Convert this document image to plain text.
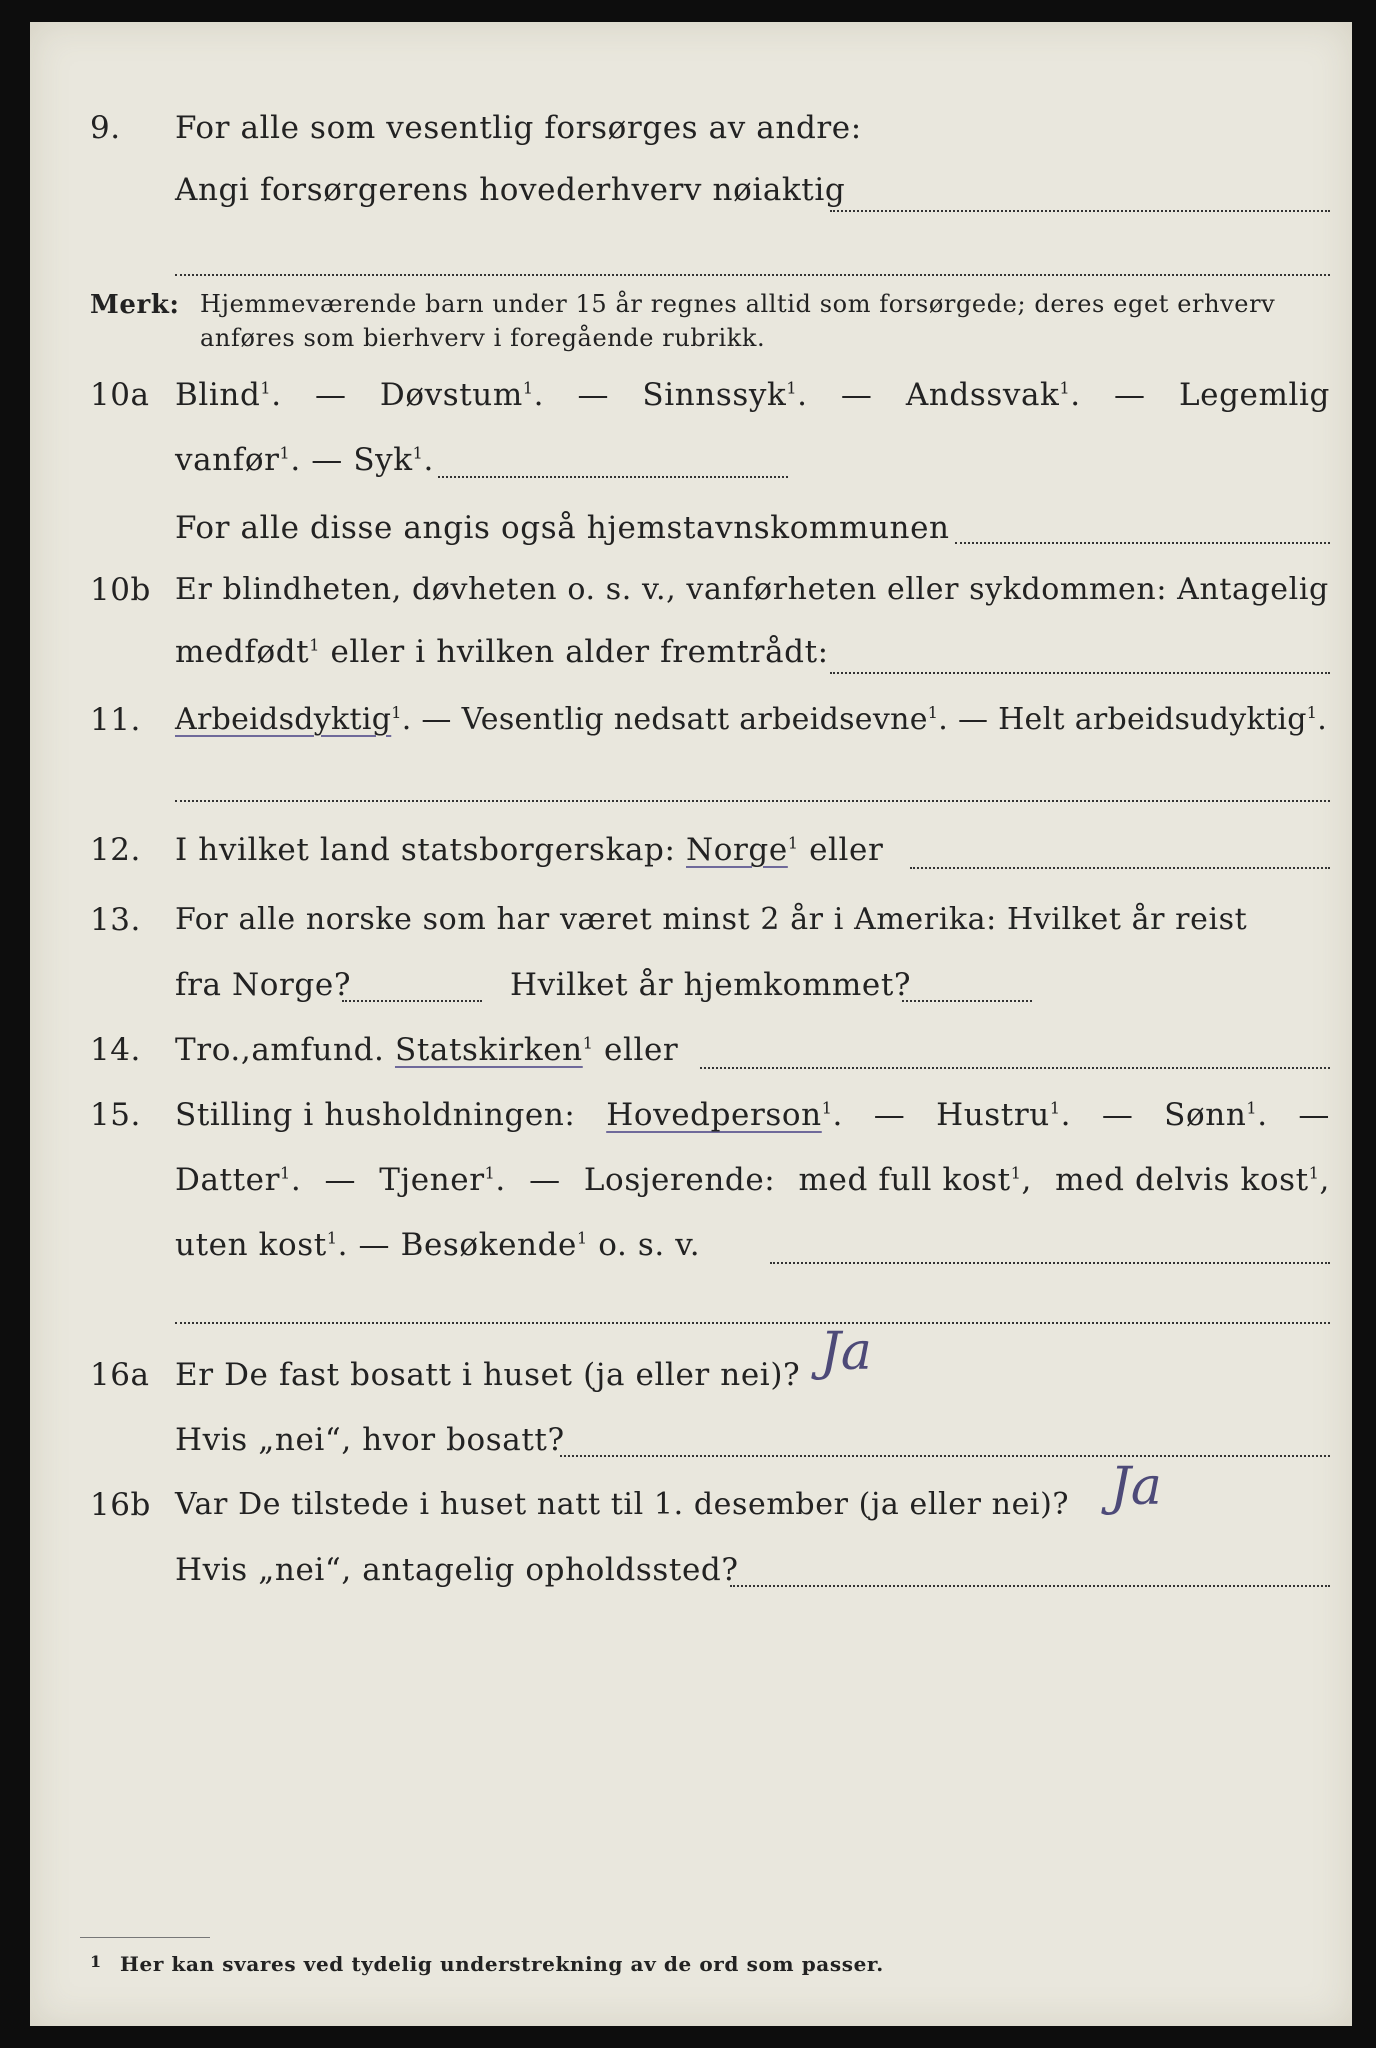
9. For alle som vesentlig forsørges av andre:
Angi forsørgerens hovederhverv nøiaktig
Merk: Hjemmeværende barn under 15 år regnes alltid som forsørgede; deres eget erhverv
anføres som bierhverv i foregående rubrikk.
10a Blind$^1$. — Døvstum$^1$. — Sinnssyk$^1$. — Andssvak$^1$. — Legemlig
vanfør$^1$. — Syk$^1$.
For alle disse angis også hjemstavnskommunen
10b Er blindheten, døvheten o. s. v., vanførheten eller sykdommen: Antagelig
medfødt$^1$ eller i hvilken alder fremtrådt:
11. Arbeidsdyktig$^1$. — Vesentlig nedsatt arbeidsevne$^1$. — Helt arbeidsudyktig$^1$.
12. I hvilket land statsborgerskap: Norge$^1$ eller
13. For alle norske som har været minst 2 år i Amerika: Hvilket år reist
fra Norge?	Hvilket år hjemkommet?
14. Tro.,amfund. Statskirken$^1$ eller
15. Stilling i husholdningen: Hovedperson$^1$. — Hustru$^1$. — Sønn$^1$. —
Datter$^1$. — Tjener$^1$. — Losjerende: med full kost$^1$, med delvis kost$^1$,
uten kost$^1$. — Besøkende$^1$ o. s. v.
16a Er De fast bosatt i huset (ja eller nei)? Ja
Hvis „nei“, hvor bosatt?
16b Var De tilstede i huset natt til 1. desember (ja eller nei)? Ja
Hvis „nei“, antagelig opholdssted?
1 Her kan svares ved tydelig understrekning av de ord som passer.
